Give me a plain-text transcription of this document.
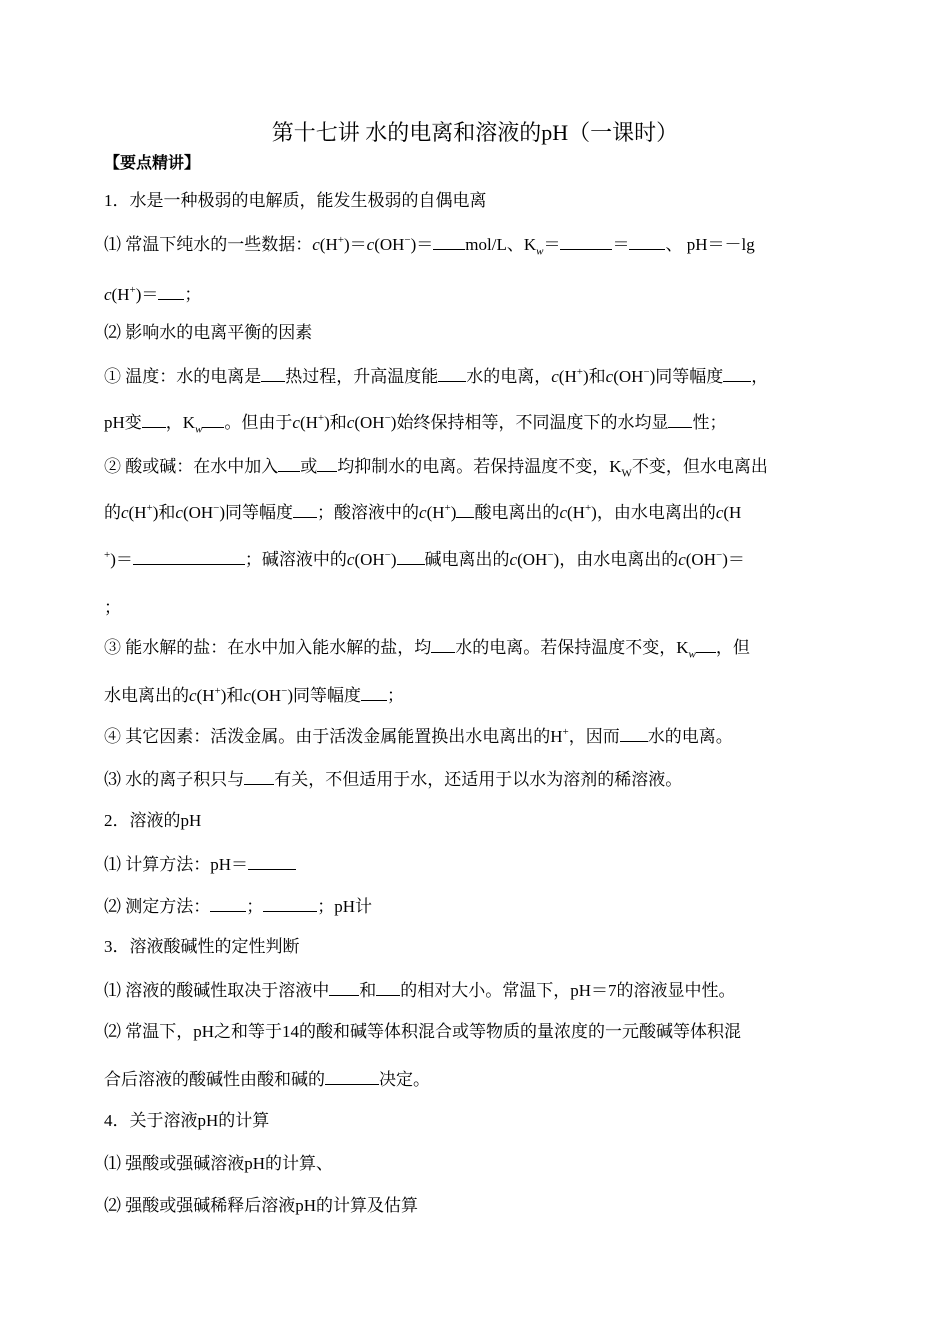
第十七讲 水的电离和溶液的pH（一课时）
【要点精讲】
1．水是一种极弱的电解质，能发生极弱的自偶电离
⑴ 常温下纯水的一些数据：c(H+)＝c(OH−)＝ mol/L、$K_w=$	＝ 、 pH＝－lg
c(H+)＝ ；
⑵ 影响水的电离平衡的因素
① 温度：水的电离是 热过程，升高温度能 水的电离，c(H+)和c(OH−)同等幅度 ，
pH变 ，$K_w$ 。但由于c(H+)和c(OH−)始终保持相等，不同温度下的水均显 性；
② 酸或碱：在水中加入 或 均抑制水的电离。若保持温度不变，$K_W$不变，但水电离出
的c(H+)和c(OH−)同等幅度 ；酸溶液中的c(H+) 酸电离出的c(H+)，由水电离出的c(H
+)＝	；碱溶液中的c(OH−) 碱电离出的c(OH−)，由水电离出的c(OH−)＝
；
③ 能水解的盐：在水中加入能水解的盐，均 水的电离。若保持温度不变，$K_w$ ，但
水电离出的c(H+)和c(OH−)同等幅度 ；
④ 其它因素：活泼金属。由于活泼金属能置换出水电离出的H+，因而 水的电离。
⑶ 水的离子积只与 有关，不但适用于水，还适用于以水为溶剂的稀溶液。
2．溶液的pH
⑴ 计算方法：pH＝
⑵ 测定方法： ；	；pH计
3．溶液酸碱性的定性判断
⑴ 溶液的酸碱性取决于溶液中 和 的相对大小。常温下，pH＝7的溶液显中性。
⑵ 常温下，pH之和等于14的酸和碱等体积混合或等物质的量浓度的一元酸碱等体积混
合后溶液的酸碱性由酸和碱的	决定。
4．关于溶液pH的计算
⑴ 强酸或强碱溶液pH的计算、
⑵ 强酸或强碱稀释后溶液pH的计算及估算
